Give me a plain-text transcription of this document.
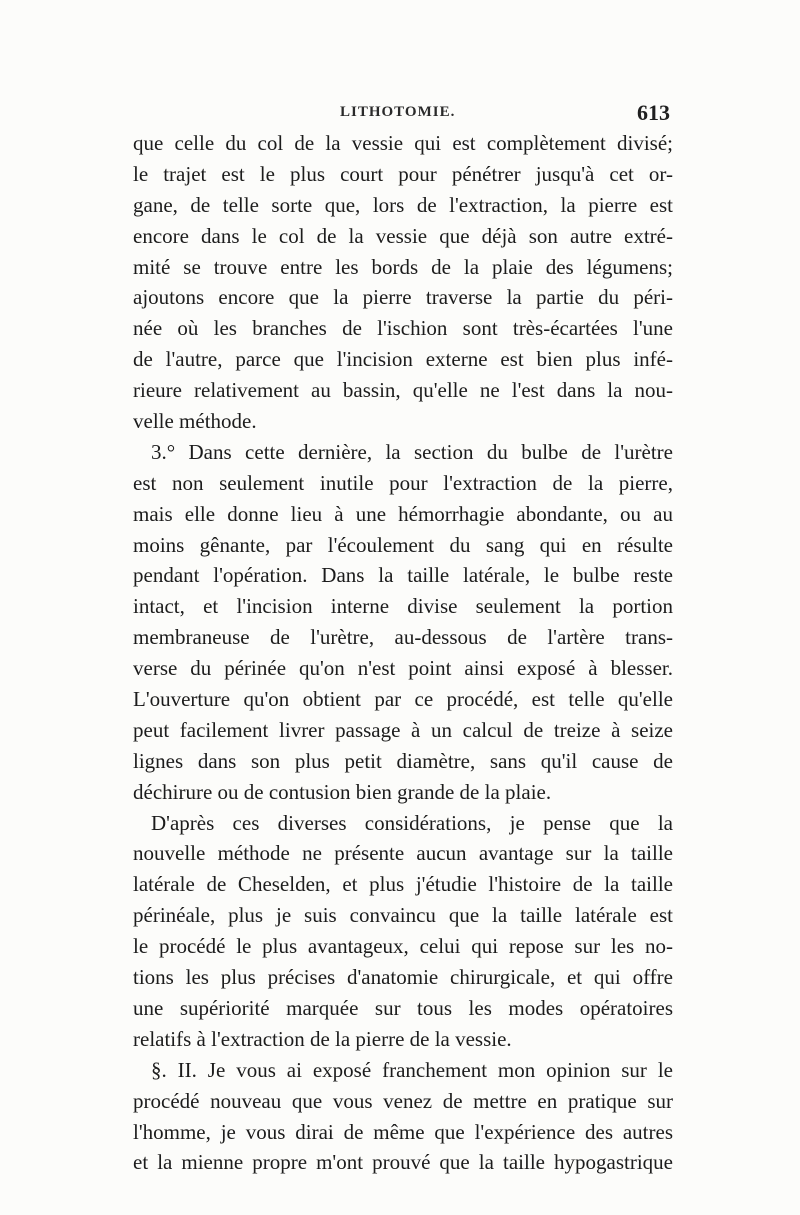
LITHOTOMIE.	613
que celle du col de la vessie qui est complètement divisé;
le trajet est le plus court pour pénétrer jusqu'à cet or-
gane, de telle sorte que, lors de l'extraction, la pierre est
encore dans le col de la vessie que déjà son autre extré-
mité se trouve entre les bords de la plaie des légumens;
ajoutons encore que la pierre traverse la partie du péri-
née où les branches de l'ischion sont très-écartées l'une
de l'autre, parce que l'incision externe est bien plus infé-
rieure relativement au bassin, qu'elle ne l'est dans la nou-
velle méthode.
3.° Dans cette dernière, la section du bulbe de l'urètre
est non seulement inutile pour l'extraction de la pierre,
mais elle donne lieu à une hémorrhagie abondante, ou au
moins gênante, par l'écoulement du sang qui en résulte
pendant l'opération. Dans la taille latérale, le bulbe reste
intact, et l'incision interne divise seulement la portion
membraneuse de l'urètre, au-dessous de l'artère trans-
verse du périnée qu'on n'est point ainsi exposé à blesser.
L'ouverture qu'on obtient par ce procédé, est telle qu'elle
peut facilement livrer passage à un calcul de treize à seize
lignes dans son plus petit diamètre, sans qu'il cause de
déchirure ou de contusion bien grande de la plaie.
D'après ces diverses considérations, je pense que la
nouvelle méthode ne présente aucun avantage sur la taille
latérale de Cheselden, et plus j'étudie l'histoire de la taille
périnéale, plus je suis convaincu que la taille latérale est
le procédé le plus avantageux, celui qui repose sur les no-
tions les plus précises d'anatomie chirurgicale, et qui offre
une supériorité marquée sur tous les modes opératoires
relatifs à l'extraction de la pierre de la vessie.
§. II. Je vous ai exposé franchement mon opinion sur le
procédé nouveau que vous venez de mettre en pratique sur
l'homme, je vous dirai de même que l'expérience des autres
et la mienne propre m'ont prouvé que la taille hypogastrique
